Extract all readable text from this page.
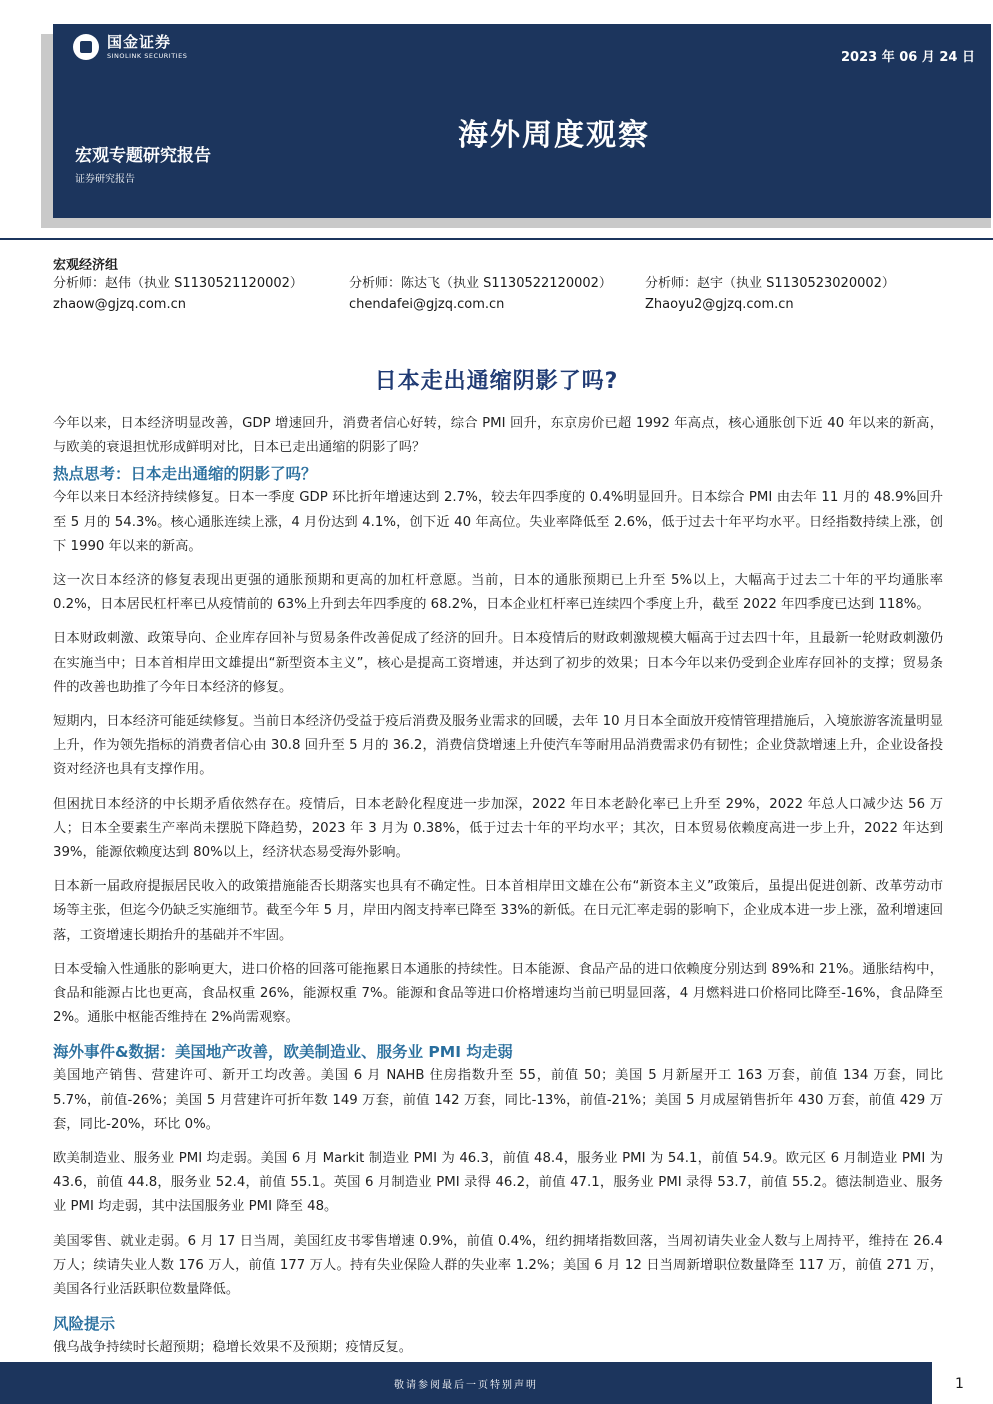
国金证券
SINOLINK SECURITIES	2023 年 06 月 24 日
海外周度观察
宏观专题研究报告
证券研究报告
宏观经济组
分析师：赵伟（执业 S1130521120002）
zhaow@gjzq.com.cn
分析师：陈达飞（执业 S1130522120002）
chendafei@gjzq.com.cn
分析师：赵宇（执业 S1130523020002）
Zhaoyu2@gjzq.com.cn
日本走出通缩阴影了吗?

今年以来，日本经济明显改善，GDP 增速回升，消费者信心好转，综合 PMI 回升，东京房价已超 1992 年高点，核心通胀创下近 40 年以来的新高，与欧美的衰退担忧形成鲜明对比，日本已走出通缩的阴影了吗？

热点思考：日本走出通缩的阴影了吗？

今年以来日本经济持续修复。日本一季度 GDP 环比折年增速达到 2.7%，较去年四季度的 0.4%明显回升。日本综合 PMI 由去年 11 月的 48.9%回升至 5 月的 54.3%。核心通胀连续上涨，4 月份达到 4.1%，创下近 40 年高位。失业率降低至 2.6%，低于过去十年平均水平。日经指数持续上涨，创下 1990 年以来的新高。

这一次日本经济的修复表现出更强的通胀预期和更高的加杠杆意愿。当前，日本的通胀预期已上升至 5%以上，大幅高于过去二十年的平均通胀率 0.2%，日本居民杠杆率已从疫情前的 63%上升到去年四季度的 68.2%，日本企业杠杆率已连续四个季度上升，截至 2022 年四季度已达到 118%。

日本财政刺激、政策导向、企业库存回补与贸易条件改善促成了经济的回升。日本疫情后的财政刺激规模大幅高于过去四十年，且最新一轮财政刺激仍在实施当中；日本首相岸田文雄提出“新型资本主义”，核心是提高工资增速，并达到了初步的效果；日本今年以来仍受到企业库存回补的支撑；贸易条件的改善也助推了今年日本经济的修复。

短期内，日本经济可能延续修复。当前日本经济仍受益于疫后消费及服务业需求的回暖，去年 10 月日本全面放开疫情管理措施后，入境旅游客流量明显上升，作为领先指标的消费者信心由 30.8 回升至 5 月的 36.2，消费信贷增速上升使汽车等耐用品消费需求仍有韧性；企业贷款增速上升，企业设备投资对经济也具有支撑作用。

但困扰日本经济的中长期矛盾依然存在。疫情后，日本老龄化程度进一步加深，2022 年日本老龄化率已上升至 29%，2022 年总人口减少达 56 万人；日本全要素生产率尚未摆脱下降趋势，2023 年 3 月为 0.38%，低于过去十年的平均水平；其次，日本贸易依赖度高进一步上升，2022 年达到 39%，能源依赖度达到 80%以上，经济状态易受海外影响。

日本新一届政府提振居民收入的政策措施能否长期落实也具有不确定性。日本首相岸田文雄在公布“新资本主义”政策后，虽提出促进创新、改革劳动市场等主张，但迄今仍缺乏实施细节。截至今年 5 月，岸田内阁支持率已降至 33%的新低。在日元汇率走弱的影响下，企业成本进一步上涨，盈利增速回落，工资增速长期抬升的基础并不牢固。

日本受输入性通胀的影响更大，进口价格的回落可能拖累日本通胀的持续性。日本能源、食品产品的进口依赖度分别达到 89%和 21%。通胀结构中，食品和能源占比也更高，食品权重 26%，能源权重 7%。能源和食品等进口价格增速均当前已明显回落，4 月燃料进口价格同比降至-16%，食品降至 2%。通胀中枢能否维持在 2%尚需观察。

海外事件&数据：美国地产改善，欧美制造业、服务业 PMI 均走弱

美国地产销售、营建许可、新开工均改善。美国 6 月 NAHB 住房指数升至 55，前值 50；美国 5 月新屋开工 163 万套，前值 134 万套，同比 5.7%，前值-26%；美国 5 月营建许可折年数 149 万套，前值 142 万套，同比-13%，前值-21%；美国 5 月成屋销售折年 430 万套，前值 429 万套，同比-20%，环比 0%。

欧美制造业、服务业 PMI 均走弱。美国 6 月 Markit 制造业 PMI 为 46.3，前值 48.4，服务业 PMI 为 54.1，前值 54.9。欧元区 6 月制造业 PMI 为 43.6，前值 44.8，服务业 52.4，前值 55.1。英国 6 月制造业 PMI 录得 46.2，前值 47.1，服务业 PMI 录得 53.7，前值 55.2。德法制造业、服务业 PMI 均走弱，其中法国服务业 PMI 降至 48。

美国零售、就业走弱。6 月 17 日当周，美国红皮书零售增速 0.9%，前值 0.4%，纽约拥堵指数回落，当周初请失业金人数与上周持平，维持在 26.4 万人；续请失业人数 176 万人，前值 177 万人。持有失业保险人群的失业率 1.2%；美国 6 月 12 日当周新增职位数量降至 117 万，前值 271 万，美国各行业活跃职位数量降低。

风险提示

俄乌战争持续时长超预期；稳增长效果不及预期；疫情反复。

敬请参阅最后一页特别声明	1
